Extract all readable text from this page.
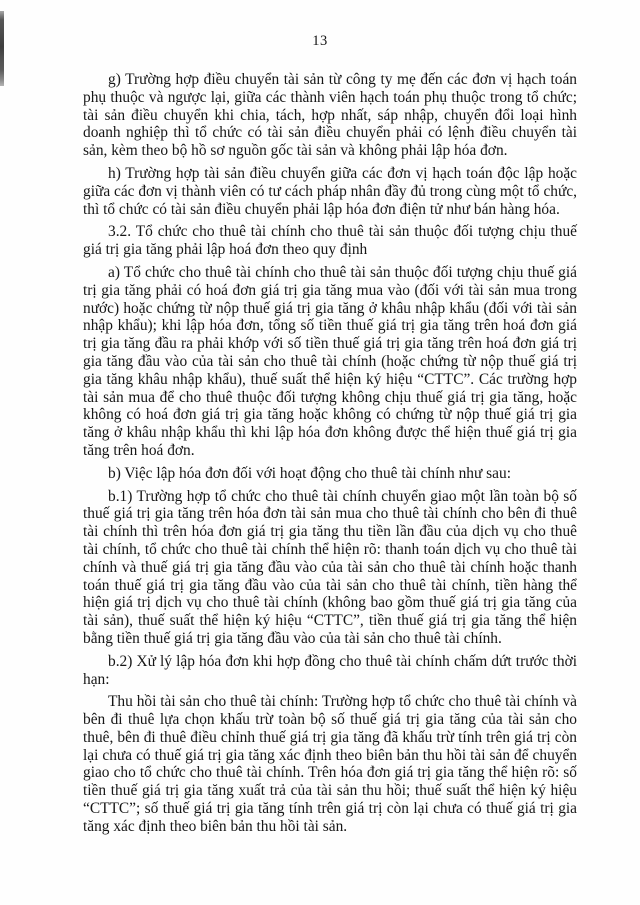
13

g) Trường hợp điều chuyển tài sản từ công ty mẹ đến các đơn vị hạch toán phụ thuộc và ngược lại, giữa các thành viên hạch toán phụ thuộc trong tổ chức; tài sản điều chuyển khi chia, tách, hợp nhất, sáp nhập, chuyển đổi loại hình doanh nghiệp thì tổ chức có tài sản điều chuyển phải có lệnh điều chuyển tài sản, kèm theo bộ hồ sơ nguồn gốc tài sản và không phải lập hóa đơn.

h) Trường hợp tài sản điều chuyển giữa các đơn vị hạch toán độc lập hoặc giữa các đơn vị thành viên có tư cách pháp nhân đầy đủ trong cùng một tổ chức, thì tổ chức có tài sản điều chuyển phải lập hóa đơn điện tử như bán hàng hóa.

3.2. Tổ chức cho thuê tài chính cho thuê tài sản thuộc đối tượng chịu thuế giá trị gia tăng phải lập hoá đơn theo quy định

a) Tổ chức cho thuê tài chính cho thuê tài sản thuộc đối tượng chịu thuế giá trị gia tăng phải có hoá đơn giá trị gia tăng mua vào (đối với tài sản mua trong nước) hoặc chứng từ nộp thuế giá trị gia tăng ở khâu nhập khẩu (đối với tài sản nhập khẩu); khi lập hóa đơn, tổng số tiền thuế giá trị gia tăng trên hoá đơn giá trị gia tăng đầu ra phải khớp với số tiền thuế giá trị gia tăng trên hoá đơn giá trị gia tăng đầu vào của tài sản cho thuê tài chính (hoặc chứng từ nộp thuế giá trị gia tăng khâu nhập khẩu), thuế suất thể hiện ký hiệu “CTTC”. Các trường hợp tài sản mua để cho thuê thuộc đối tượng không chịu thuế giá trị gia tăng, hoặc không có hoá đơn giá trị gia tăng hoặc không có chứng từ nộp thuế giá trị gia tăng ở khâu nhập khẩu thì khi lập hóa đơn không được thể hiện thuế giá trị gia tăng trên hoá đơn.

b) Việc lập hóa đơn đối với hoạt động cho thuê tài chính như sau:

b.1) Trường hợp tổ chức cho thuê tài chính chuyển giao một lần toàn bộ số thuế giá trị gia tăng trên hóa đơn tài sản mua cho thuê tài chính cho bên đi thuê tài chính thì trên hóa đơn giá trị gia tăng thu tiền lần đầu của dịch vụ cho thuê tài chính, tổ chức cho thuê tài chính thể hiện rõ: thanh toán dịch vụ cho thuê tài chính và thuế giá trị gia tăng đầu vào của tài sản cho thuê tài chính hoặc thanh toán thuế giá trị gia tăng đầu vào của tài sản cho thuê tài chính, tiền hàng thể hiện giá trị dịch vụ cho thuê tài chính (không bao gồm thuế giá trị gia tăng của tài sản), thuế suất thể hiện ký hiệu “CTTC”, tiền thuế giá trị gia tăng thể hiện bằng tiền thuế giá trị gia tăng đầu vào của tài sản cho thuê tài chính.

b.2) Xử lý lập hóa đơn khi hợp đồng cho thuê tài chính chấm dứt trước thời hạn:

Thu hồi tài sản cho thuê tài chính: Trường hợp tổ chức cho thuê tài chính và bên đi thuê lựa chọn khấu trừ toàn bộ số thuế giá trị gia tăng của tài sản cho thuê, bên đi thuê điều chỉnh thuế giá trị gia tăng đã khấu trừ tính trên giá trị còn lại chưa có thuế giá trị gia tăng xác định theo biên bản thu hồi tài sản để chuyển giao cho tổ chức cho thuê tài chính. Trên hóa đơn giá trị gia tăng thể hiện rõ: số tiền thuế giá trị gia tăng xuất trả của tài sản thu hồi; thuế suất thể hiện ký hiệu “CTTC”; số thuế giá trị gia tăng tính trên giá trị còn lại chưa có thuế giá trị gia tăng xác định theo biên bản thu hồi tài sản.
